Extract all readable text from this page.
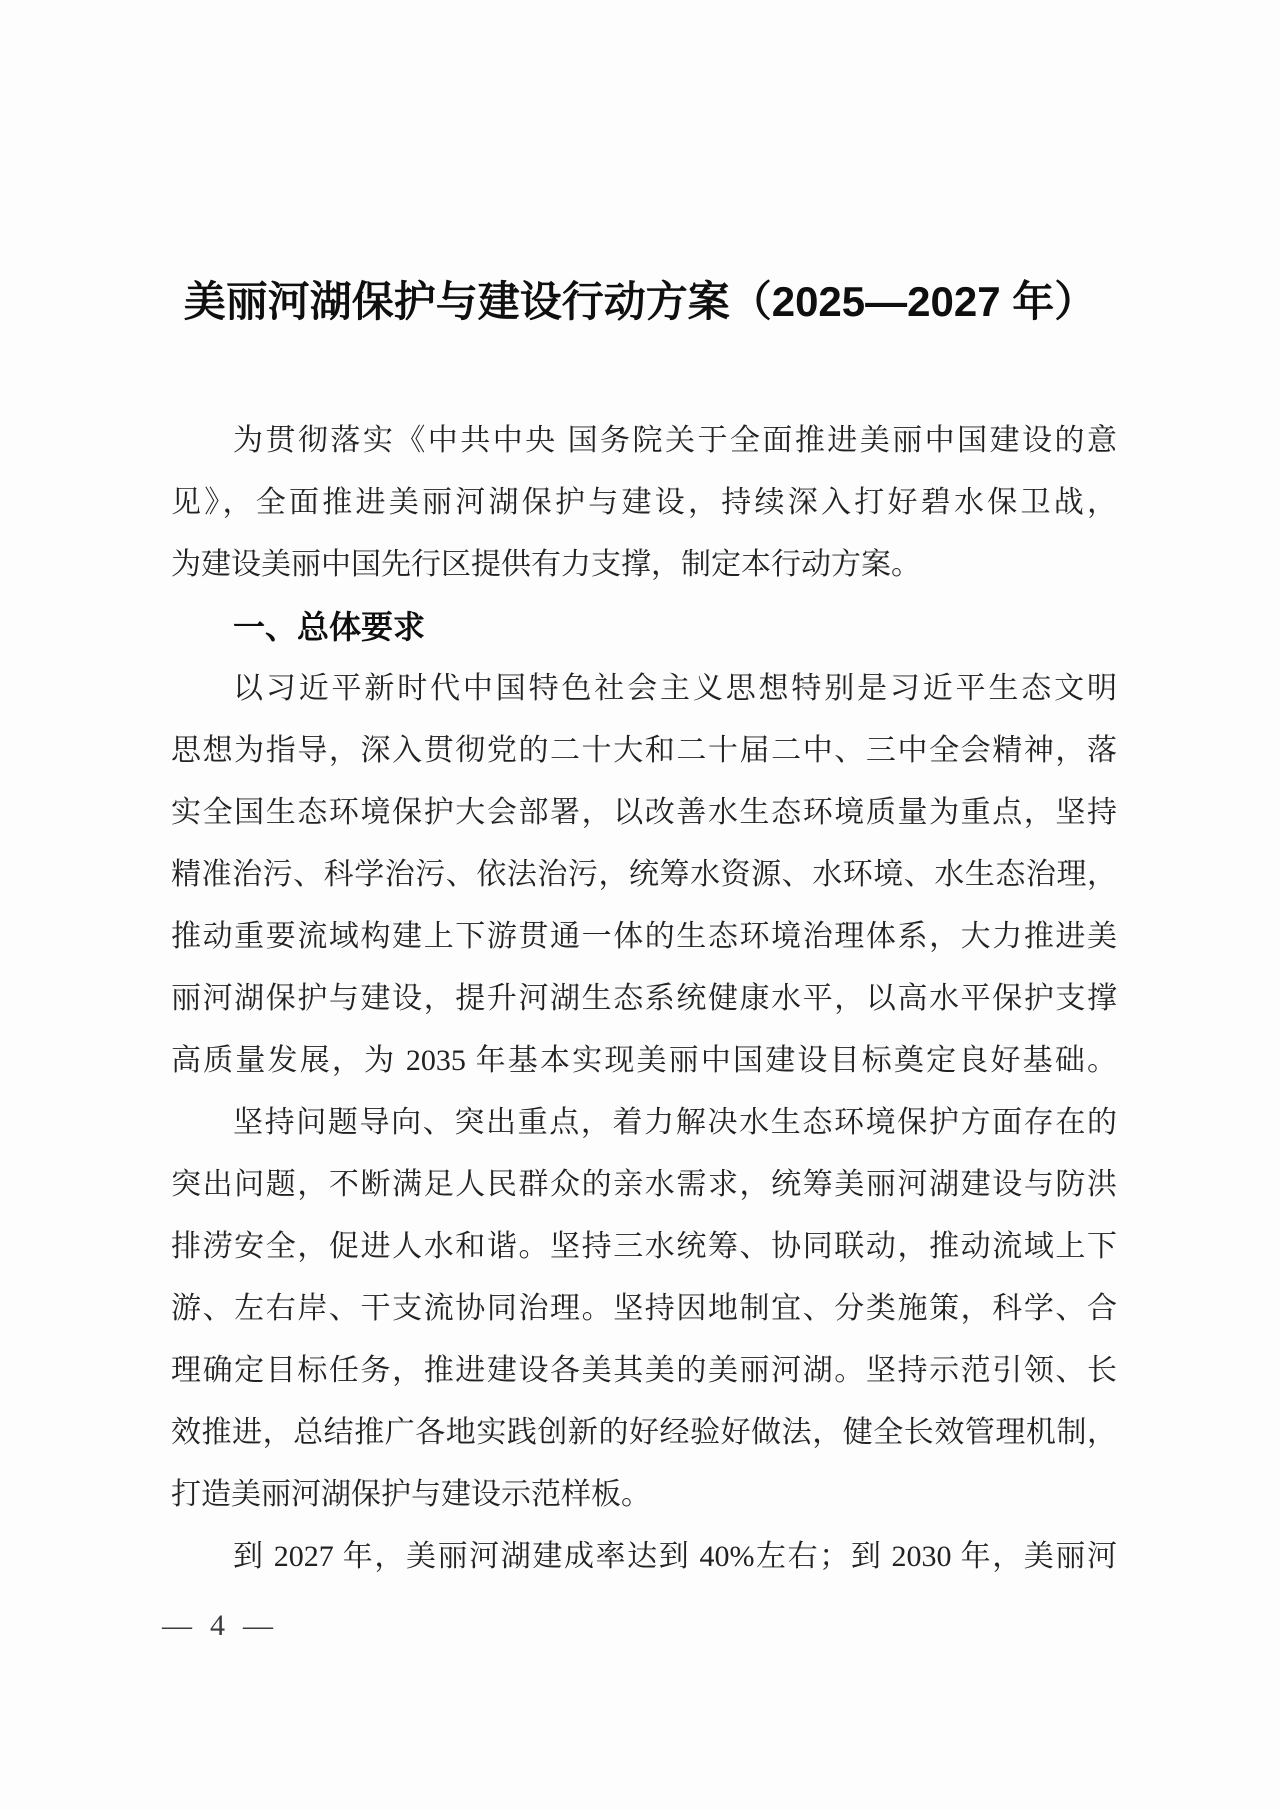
美丽河湖保护与建设行动方案（2025—2027 年）
为贯彻落实《中共中央 国务院关于全面推进美丽中国建设的意
见》，全面推进美丽河湖保护与建设，持续深入打好碧水保卫战，
为建设美丽中国先行区提供有力支撑，制定本行动方案。
一、总体要求
以习近平新时代中国特色社会主义思想特别是习近平生态文明
思想为指导，深入贯彻党的二十大和二十届二中、三中全会精神，落
实全国生态环境保护大会部署，以改善水生态环境质量为重点，坚持
精准治污、科学治污、依法治污，统筹水资源、水环境、水生态治理，
推动重要流域构建上下游贯通一体的生态环境治理体系，大力推进美
丽河湖保护与建设，提升河湖生态系统健康水平，以高水平保护支撑
高质量发展，为 2035 年基本实现美丽中国建设目标奠定良好基础。
坚持问题导向、突出重点，着力解决水生态环境保护方面存在的
突出问题，不断满足人民群众的亲水需求，统筹美丽河湖建设与防洪
排涝安全，促进人水和谐。坚持三水统筹、协同联动，推动流域上下
游、左右岸、干支流协同治理。坚持因地制宜、分类施策，科学、合
理确定目标任务，推进建设各美其美的美丽河湖。坚持示范引领、长
效推进，总结推广各地实践创新的好经验好做法，健全长效管理机制，
打造美丽河湖保护与建设示范样板。
到 2027 年，美丽河湖建成率达到 40%左右；到 2030 年，美丽河
— 4 —
